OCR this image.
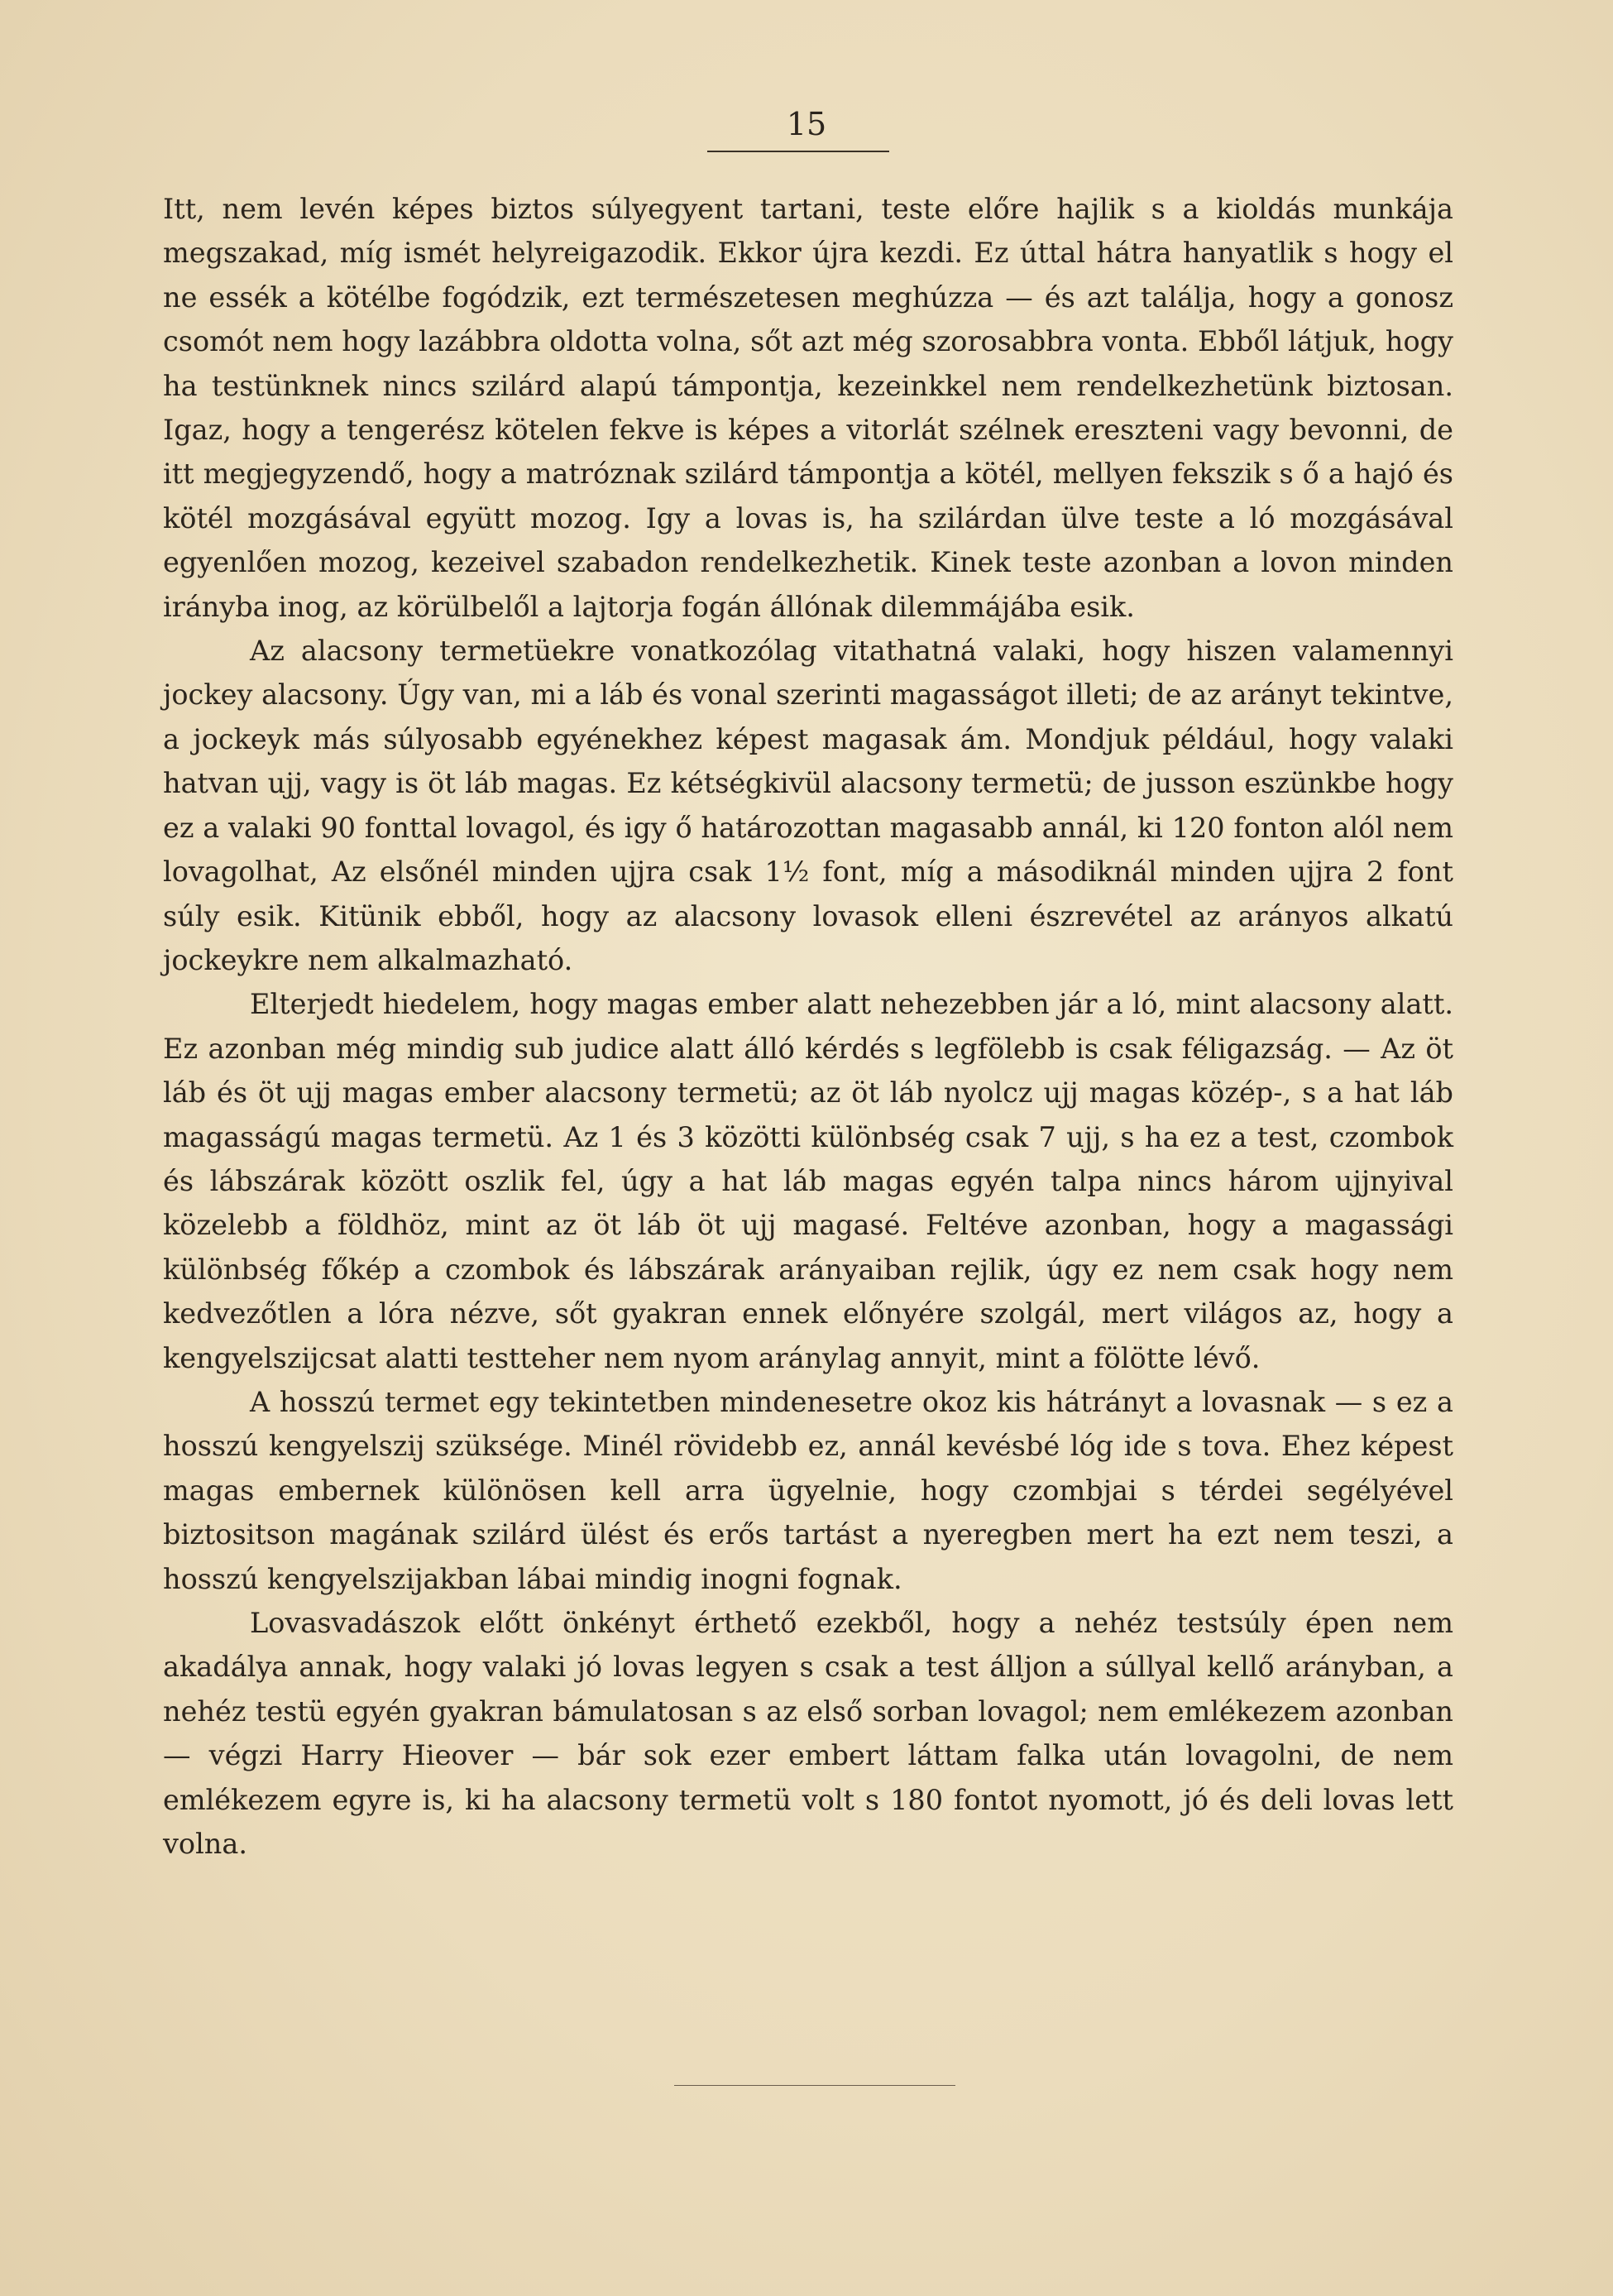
15

Itt, nem levén képes biztos súlyegyent tartani, teste előre hajlik s a kioldás munkája megszakad, míg ismét helyreigazodik. Ekkor újra kezdi. Ez úttal hátra hanyatlik s hogy el ne essék a kötélbe fogódzik, ezt természetesen meghúzza — és azt találja, hogy a gonosz csomót nem hogy lazábbra oldotta volna, sőt azt még szorosabbra vonta. Ebből látjuk, hogy ha testünknek nincs szilárd alapú támpontja, kezeinkkel nem rendelkezhetünk biztosan. Igaz, hogy a tengerész kötelen fekve is képes a vitorlát szélnek ereszteni vagy bevonni, de itt megjegyzendő, hogy a matróznak szilárd támpontja a kötél, mellyen fekszik s ő a hajó és kötél mozgásával együtt mozog. Igy a lovas is, ha szilárdan ülve teste a ló mozgásával egyenlően mozog, kezeivel szabadon rendelkezhetik. Kinek teste azonban a lovon minden irányba inog, az körülbelől a lajtorja fogán állónak dilemmájába esik.

Az alacsony termetüekre vonatkozólag vitathatná valaki, hogy hiszen valamennyi jockey alacsony. Úgy van, mi a láb és vonal szerinti magasságot illeti; de az arányt tekintve, a jockeyk más súlyosabb egyénekhez képest magasak ám. Mondjuk például, hogy valaki hatvan ujj, vagy is öt láb magas. Ez kétségkivül alacsony termetü; de jusson eszünkbe hogy ez a valaki 90 fonttal lovagol, és igy ő határozottan magasabb annál, ki 120 fonton alól nem lovagolhat, Az elsőnél minden ujjra csak 1½ font, míg a másodiknál minden ujjra 2 font súly esik. Kitünik ebből, hogy az alacsony lovasok elleni észrevétel az arányos alkatú jockeykre nem alkalmazható.

Elterjedt hiedelem, hogy magas ember alatt nehezebben jár a ló, mint alacsony alatt. Ez azonban még mindig sub judice alatt álló kérdés s legfölebb is csak féligazság. — Az öt láb és öt ujj magas ember alacsony termetü; az öt láb nyolcz ujj magas közép-, s a hat láb magasságú magas termetü. Az 1 és 3 közötti különbség csak 7 ujj, s ha ez a test, czombok és lábszárak között oszlik fel, úgy a hat láb magas egyén talpa nincs három ujjnyival közelebb a földhöz, mint az öt láb öt ujj magasé. Feltéve azonban, hogy a magassági különbség főkép a czombok és lábszárak arányaiban rejlik, úgy ez nem csak hogy nem kedvezőtlen a lóra nézve, sőt gyakran ennek előnyére szolgál, mert világos az, hogy a kengyelszijcsat alatti testteher nem nyom aránylag annyit, mint a fölötte lévő.

A hosszú termet egy tekintetben mindenesetre okoz kis hátrányt a lovasnak — s ez a hosszú kengyelszij szüksége. Minél rövidebb ez, annál kevésbé lóg ide s tova. Ehez képest magas embernek különösen kell arra ügyelnie, hogy czombjai s térdei segélyével biztositson magának szilárd ülést és erős tartást a nyeregben mert ha ezt nem teszi, a hosszú kengyelszijakban lábai mindig inogni fognak.

Lovasvadászok előtt önkényt érthető ezekből, hogy a nehéz testsúly épen nem akadálya annak, hogy valaki jó lovas legyen s csak a test álljon a súllyal kellő arányban, a nehéz testü egyén gyakran bámulatosan s az első sorban lovagol; nem emlékezem azonban — végzi Harry Hieover — bár sok ezer embert láttam falka után lovagolni, de nem emlékezem egyre is, ki ha alacsony termetü volt s 180 fontot nyomott, jó és deli lovas lett volna.
